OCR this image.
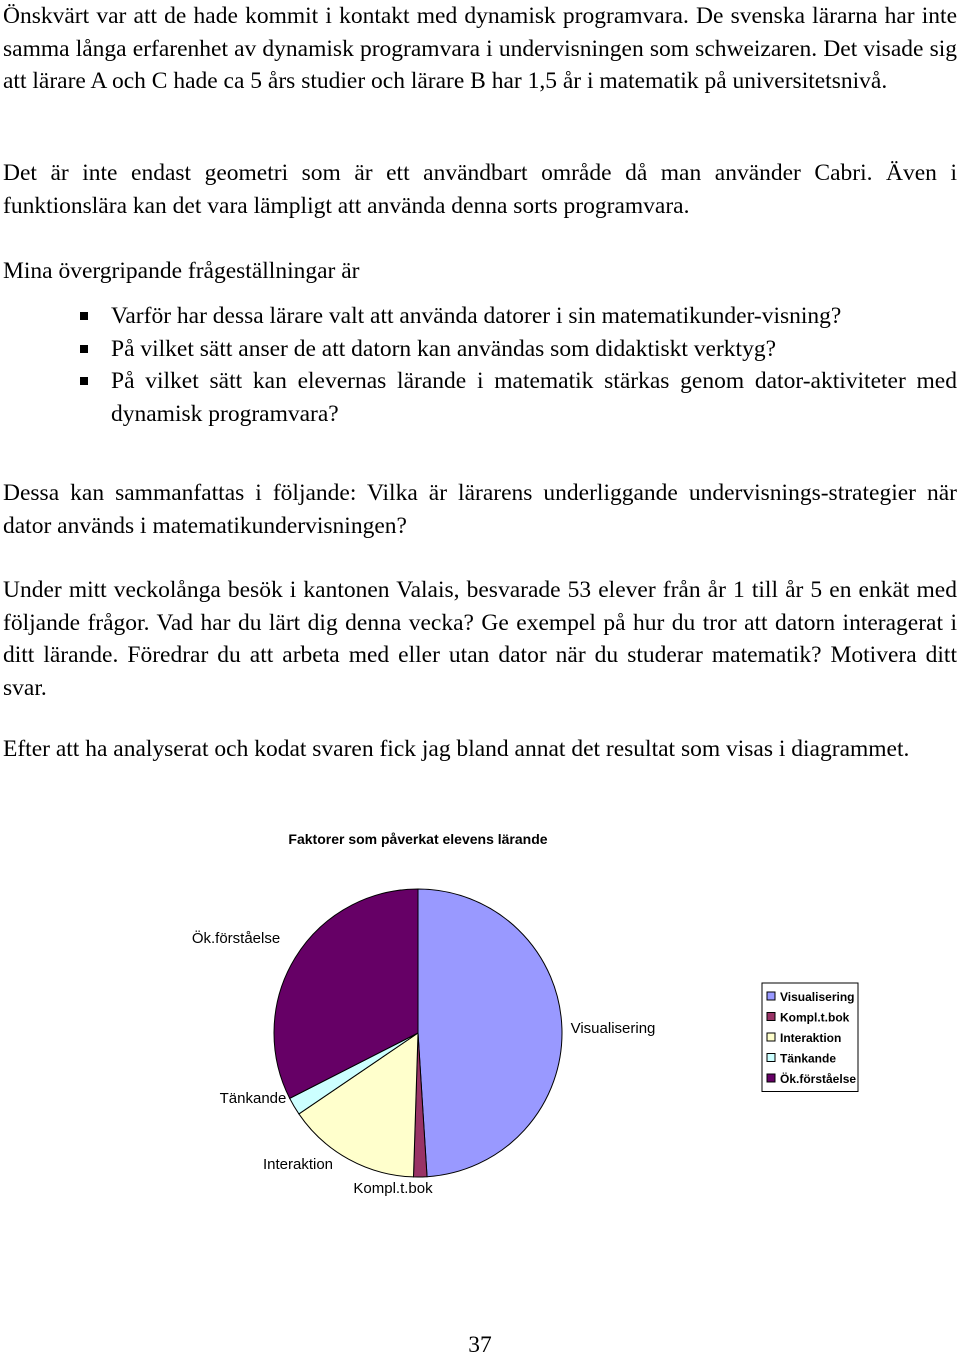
Önskvärt var att de hade kommit i kontakt med dynamisk programvara. De svenska lärarna har inte samma långa erfarenhet av dynamisk programvara i undervisningen som schweizaren. Det visade sig att lärare A och C hade ca 5 års studier och lärare B har 1,5 år i matematik på universitetsnivå.

Det är inte endast geometri som är ett användbart område då man använder Cabri. Även i funktionslära kan det vara lämpligt att använda denna sorts programvara.

Mina övergripande frågeställningar är

Varför har dessa lärare valt att använda datorer i sin matematikunder-visning?
På vilket sätt anser de att datorn kan användas som didaktiskt verktyg?
På vilket sätt kan elevernas lärande i matematik stärkas genom dator-aktiviteter med dynamisk programvara?

Dessa kan sammanfattas i följande: Vilka är lärarens underliggande undervisnings-strategier när dator används i matematikundervisningen?

Under mitt veckolånga besök i kantonen Valais, besvarade 53 elever från år 1 till år 5 en enkät med följande frågor. Vad har du lärt dig denna vecka? Ge exempel på hur du tror att datorn interagerat i ditt lärande. Föredrar du att arbeta med eller utan dator när du studerar matematik? Motivera ditt svar.

Efter att ha analyserat och kodat svaren fick jag bland annat det resultat som visas i diagrammet.

Faktorer som påverkat elevens lärande
Visualisering
Kompl.t.bok
Interaktion
Tänkande
Ök.förståelse
Visualisering
Kompl.t.bok
Interaktion
Tänkande
Ök.förståelse
37
